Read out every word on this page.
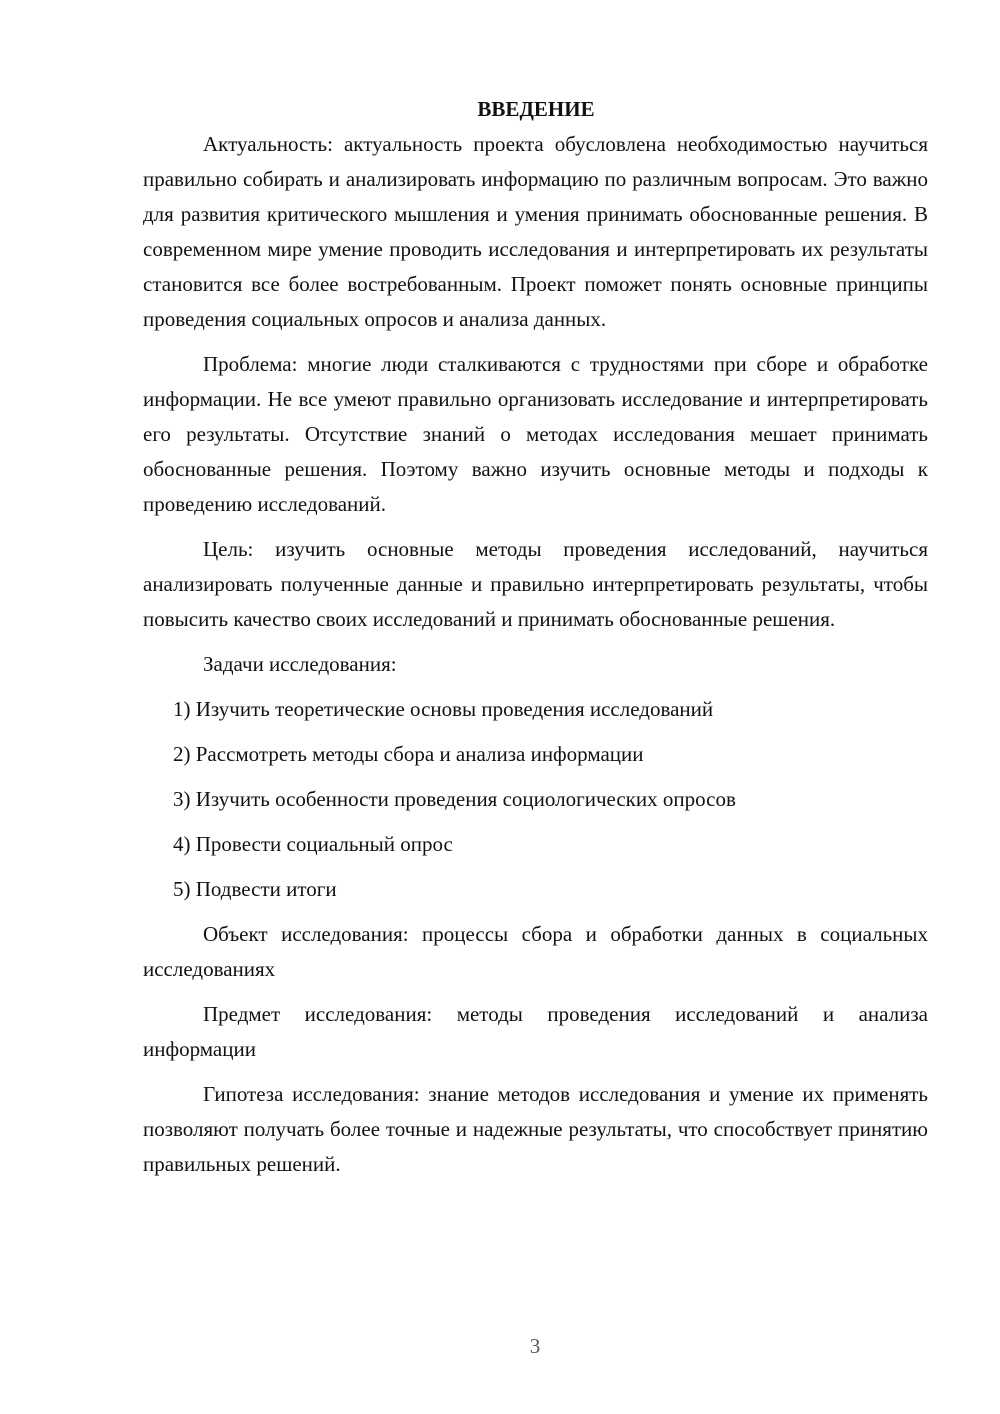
ВВЕДЕНИЕ

Актуальность: актуальность проекта обусловлена необходимостью научиться правильно собирать и анализировать информацию по различным вопросам. Это важно для развития критического мышления и умения принимать обоснованные решения. В современном мире умение проводить исследования и интерпретировать их результаты становится все более востребованным. Проект поможет понять основные принципы проведения социальных опросов и анализа данных.

Проблема: многие люди сталкиваются с трудностями при сборе и обработке информации. Не все умеют правильно организовать исследование и интерпретировать его результаты. Отсутствие знаний о методах исследования мешает принимать обоснованные решения. Поэтому важно изучить основные методы и подходы к проведению исследований.

Цель: изучить основные методы проведения исследований, научиться анализировать полученные данные и правильно интерпретировать результаты, чтобы повысить качество своих исследований и принимать обоснованные решения.

Задачи исследования:

1) Изучить теоретические основы проведения исследований
2) Рассмотреть методы сбора и анализа информации
3) Изучить особенности проведения социологических опросов
4) Провести социальный опрос
5) Подвести итоги

Объект исследования: процессы сбора и обработки данных в социальных исследованиях

Предмет исследования: методы проведения исследований и анализа информации

Гипотеза исследования: знание методов исследования и умение их применять позволяют получать более точные и надежные результаты, что способствует принятию правильных решений.

3
